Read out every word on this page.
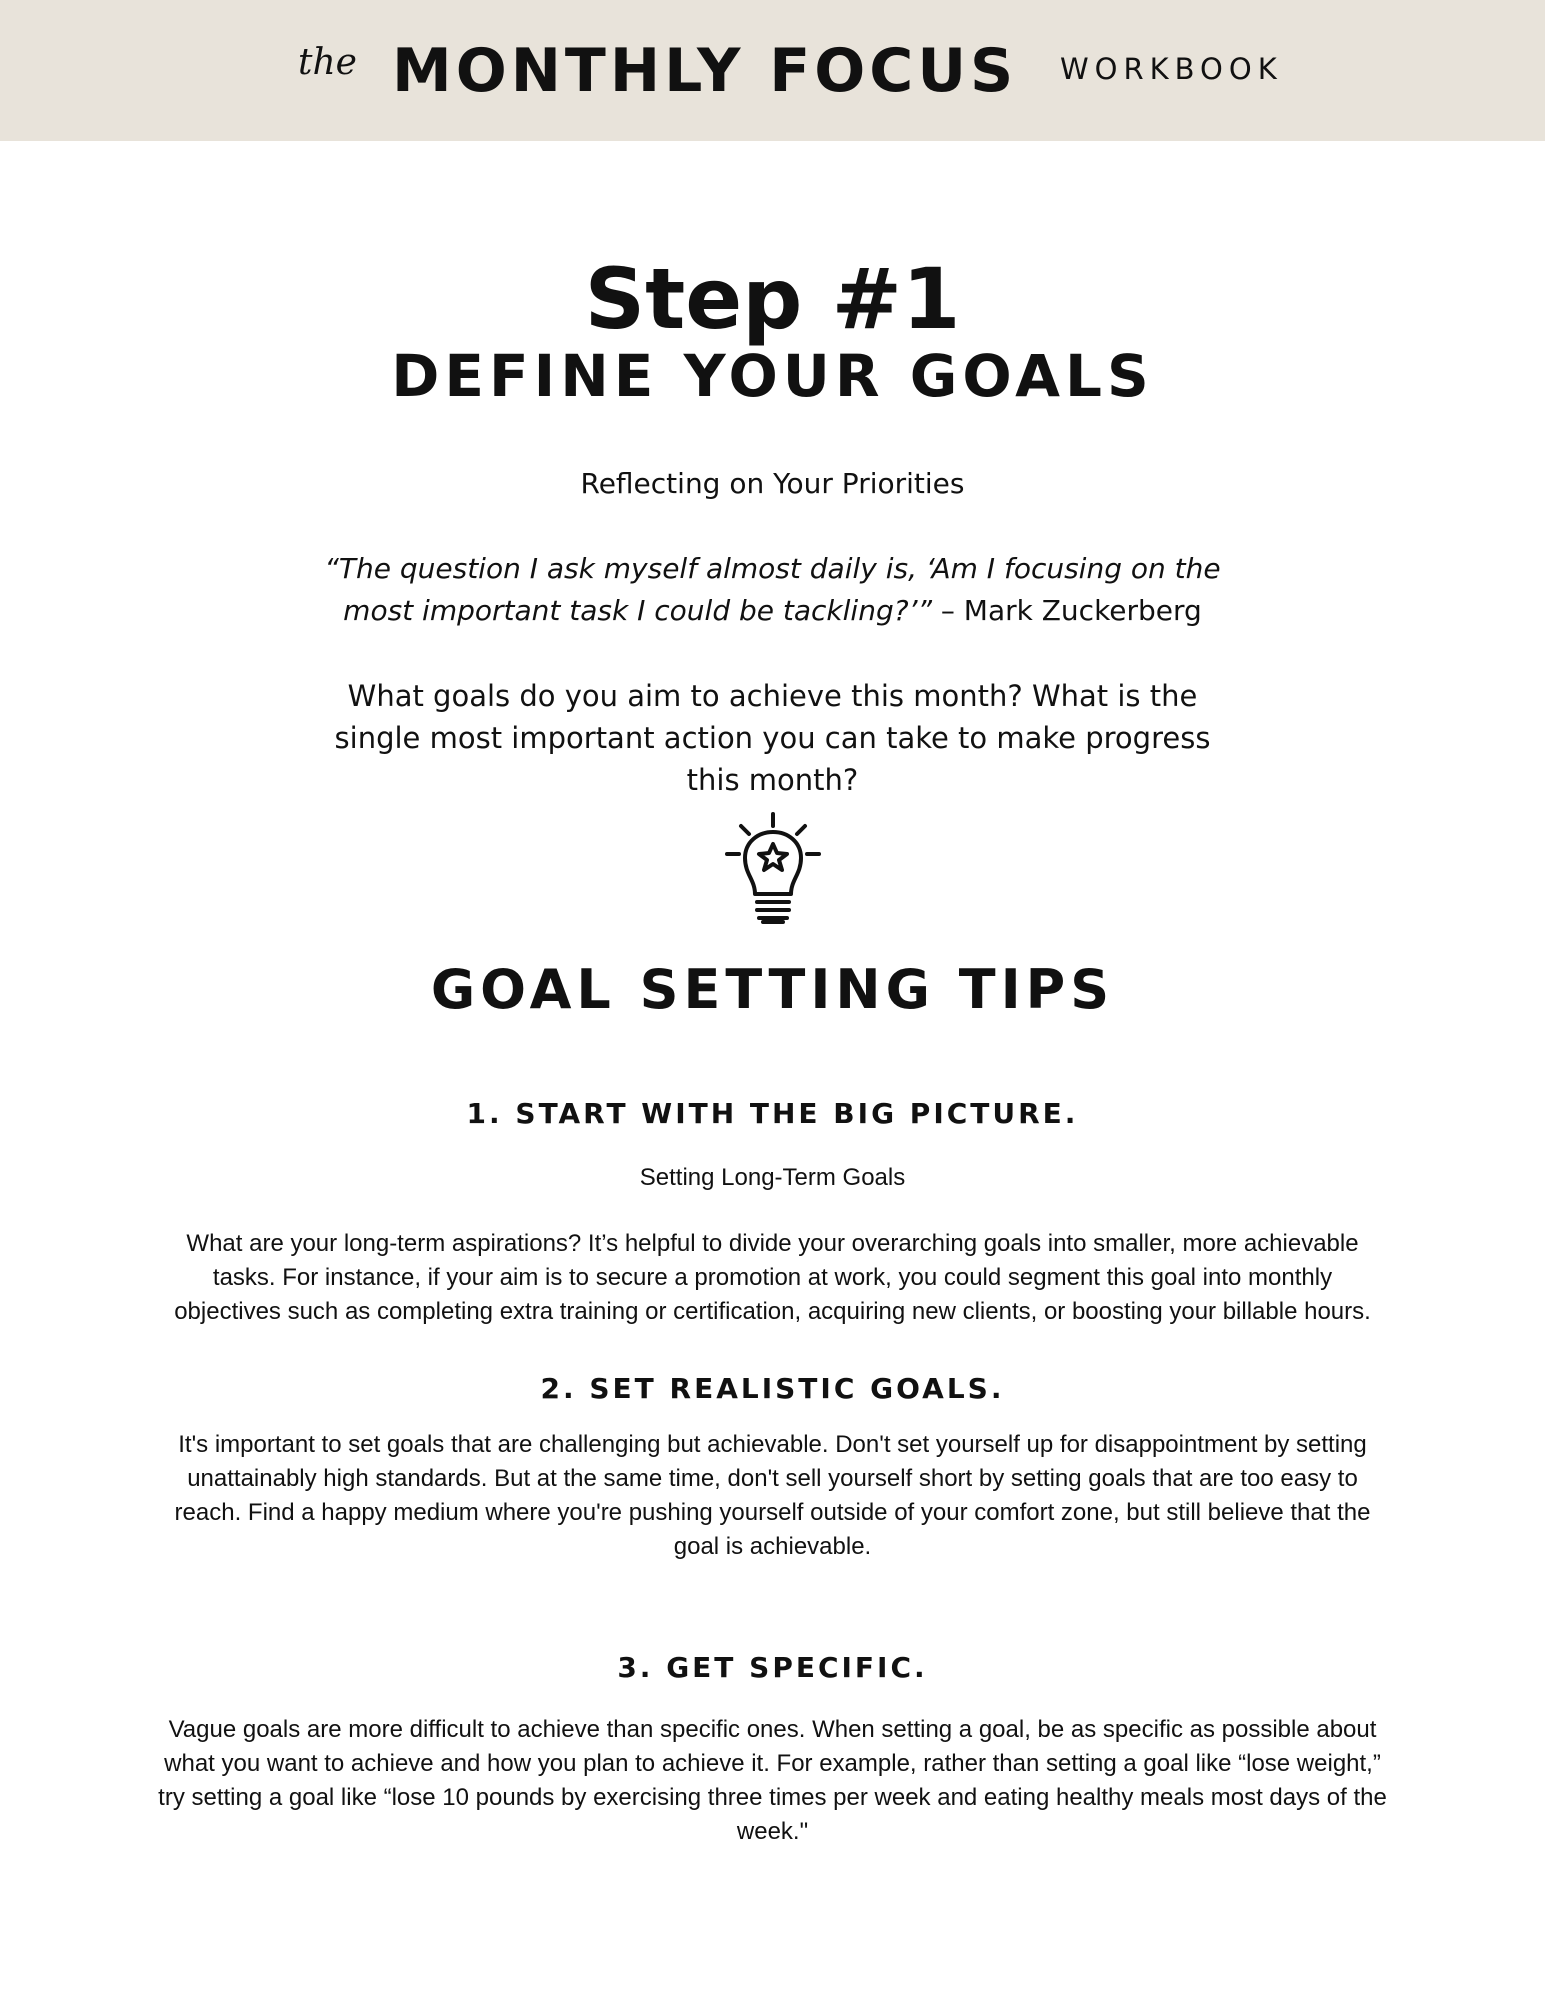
the MONTHLY FOCUS WORKBOOK
Step #1
DEFINE YOUR GOALS
Reflecting on Your Priorities
“The question I ask myself almost daily is, ‘Am I focusing on the most important task I could be tackling?’” – Mark Zuckerberg
What goals do you aim to achieve this month? What is the single most important action you can take to make progress this month?
GOAL SETTING TIPS
1. START WITH THE BIG PICTURE.
Setting Long-Term Goals
What are your long-term aspirations? It’s helpful to divide your overarching goals into smaller, more achievable tasks. For instance, if your aim is to secure a promotion at work, you could segment this goal into monthly objectives such as completing extra training or certification, acquiring new clients, or boosting your billable hours.
2. SET REALISTIC GOALS.
It's important to set goals that are challenging but achievable. Don't set yourself up for disappointment by setting unattainably high standards. But at the same time, don't sell yourself short by setting goals that are too easy to reach. Find a happy medium where you're pushing yourself outside of your comfort zone, but still believe that the goal is achievable.
3. GET SPECIFIC.
Vague goals are more difficult to achieve than specific ones. When setting a goal, be as specific as possible about what you want to achieve and how you plan to achieve it. For example, rather than setting a goal like “lose weight,” try setting a goal like “lose 10 pounds by exercising three times per week and eating healthy meals most days of the week."
